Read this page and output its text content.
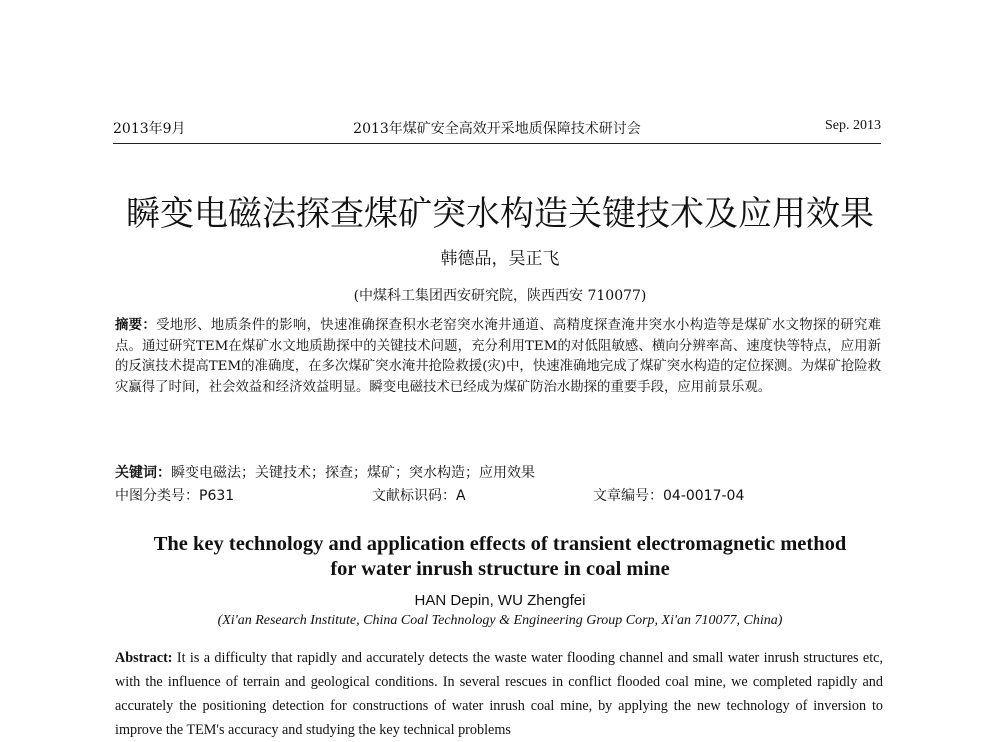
2013年9月	2013年煤矿安全高效开采地质保障技术研讨会	Sep. 2013
瞬变电磁法探查煤矿突水构造关键技术及应用效果
韩德品，吴正飞
(中煤科工集团西安研究院，陕西西安 710077)
摘要：受地形、地质条件的影响，快速准确探查积水老窑突水淹井通道、高精度探查淹井突水小构造等是煤矿水文物探的研究难点。通过研究TEM在煤矿水文地质勘探中的关键技术问题，充分利用TEM的对低阻敏感、横向分辨率高、速度快等特点，应用新的反演技术提高TEM的准确度，在多次煤矿突水淹井抢险救援(灾)中，快速准确地完成了煤矿突水构造的定位探测。为煤矿抢险救灾赢得了时间，社会效益和经济效益明显。瞬变电磁技术已经成为煤矿防治水勘探的重要手段，应用前景乐观。
关键词：瞬变电磁法；关键技术；探查；煤矿；突水构造；应用效果
中图分类号：P631	文献标识码：A	文章编号：04-0017-04
The key technology and application effects of transient electromagnetic method
for water inrush structure in coal mine
HAN Depin, WU Zhengfei
(Xi'an Research Institute, China Coal Technology & Engineering Group Corp, Xi'an 710077, China)
Abstract: It is a difficulty that rapidly and accurately detects the waste water flooding channel and small water inrush structures etc, with the influence of terrain and geological conditions. In several rescues in conflict flooded coal mine, we completed rapidly and accurately the positioning detection for constructions of water inrush coal mine, by applying the new technology of inversion to improve the TEM's accuracy and studying the key technical problems
